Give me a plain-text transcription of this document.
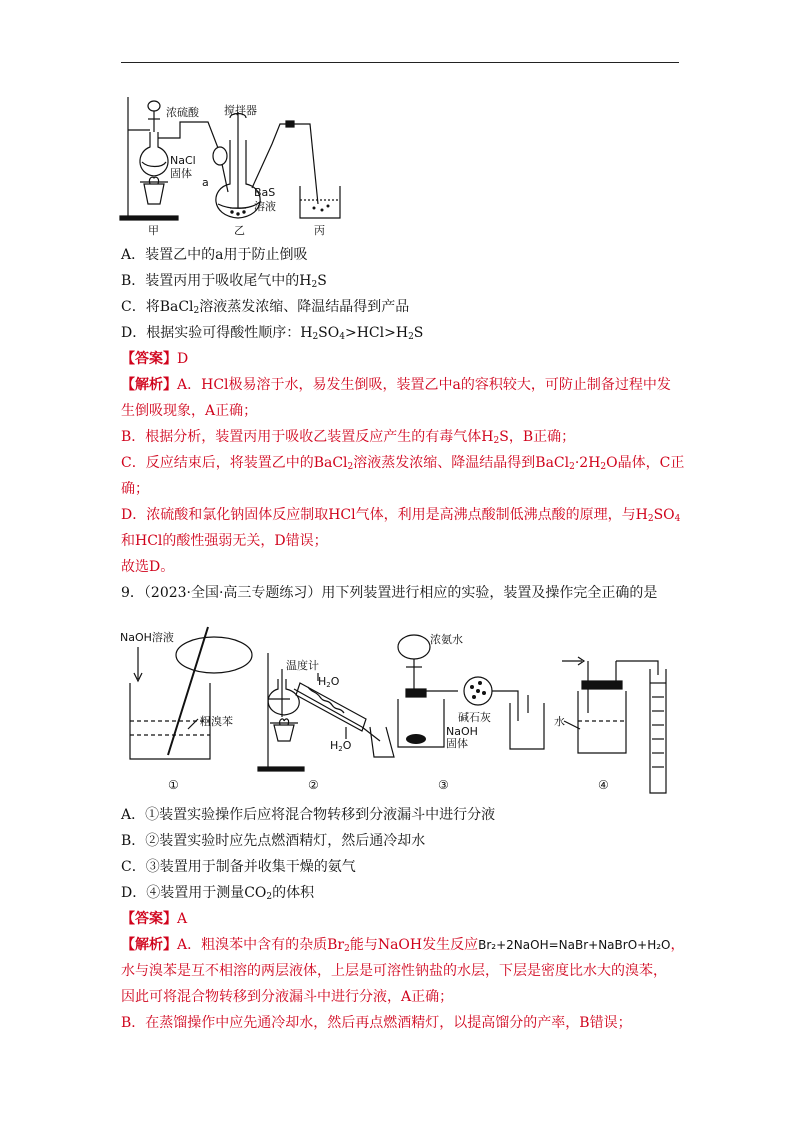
浓硫酸 搅拌器
NaCl
固体
a
BaS
溶液
甲	乙	丙
A．装置乙中的a用于防止倒吸
B．装置丙用于吸收尾气中的$H_2S$
C．将BaCl$_2$溶液蒸发浓缩、降温结晶得到产品
D．根据实验可得酸性顺序：$H_2SO_4>HCl>H_2S$
【答案】D
【解析】A．HCl极易溶于水，易发生倒吸，装置乙中a的容积较大，可防止制备过程中发
生倒吸现象，A正确；
B．根据分析，装置丙用于吸收乙装置反应产生的有毒气体$H_2S$，B正确；
C．反应结束后，将装置乙中的BaCl$_2$溶液蒸发浓缩、降温结晶得到$BaCl_2\cdot 2H_2O$晶体，C正
确；
D．浓硫酸和氯化钠固体反应制取HCl气体，利用是高沸点酸制低沸点酸的原理，与$H_2SO_4$
和HCl的酸性强弱无关，D错误；
故选D。
9．（2023·全国·高三专题练习）用下列装置进行相应的实验，装置及操作完全正确的是
NaOH溶液
粗溴苯
温度计
H2O
H2O
浓氨水
碱石灰
NaOH
固体
水
①	②	③	④
A．①装置实验操作后应将混合物转移到分液漏斗中进行分液
B．②装置实验时应先点燃酒精灯，然后通冷却水
C．③装置用于制备并收集干燥的氨气
D．④装置用于测量$CO_2$的体积
【答案】A
【解析】A．粗溴苯中含有的杂质$Br_2$能与NaOH发生反应Br₂+2NaOH=NaBr+NaBrO+H₂O，
水与溴苯是互不相溶的两层液体，上层是可溶性钠盐的水层，下层是密度比水大的溴苯，
因此可将混合物转移到分液漏斗中进行分液，A正确；
B．在蒸馏操作中应先通冷却水，然后再点燃酒精灯，以提高馏分的产率，B错误；
